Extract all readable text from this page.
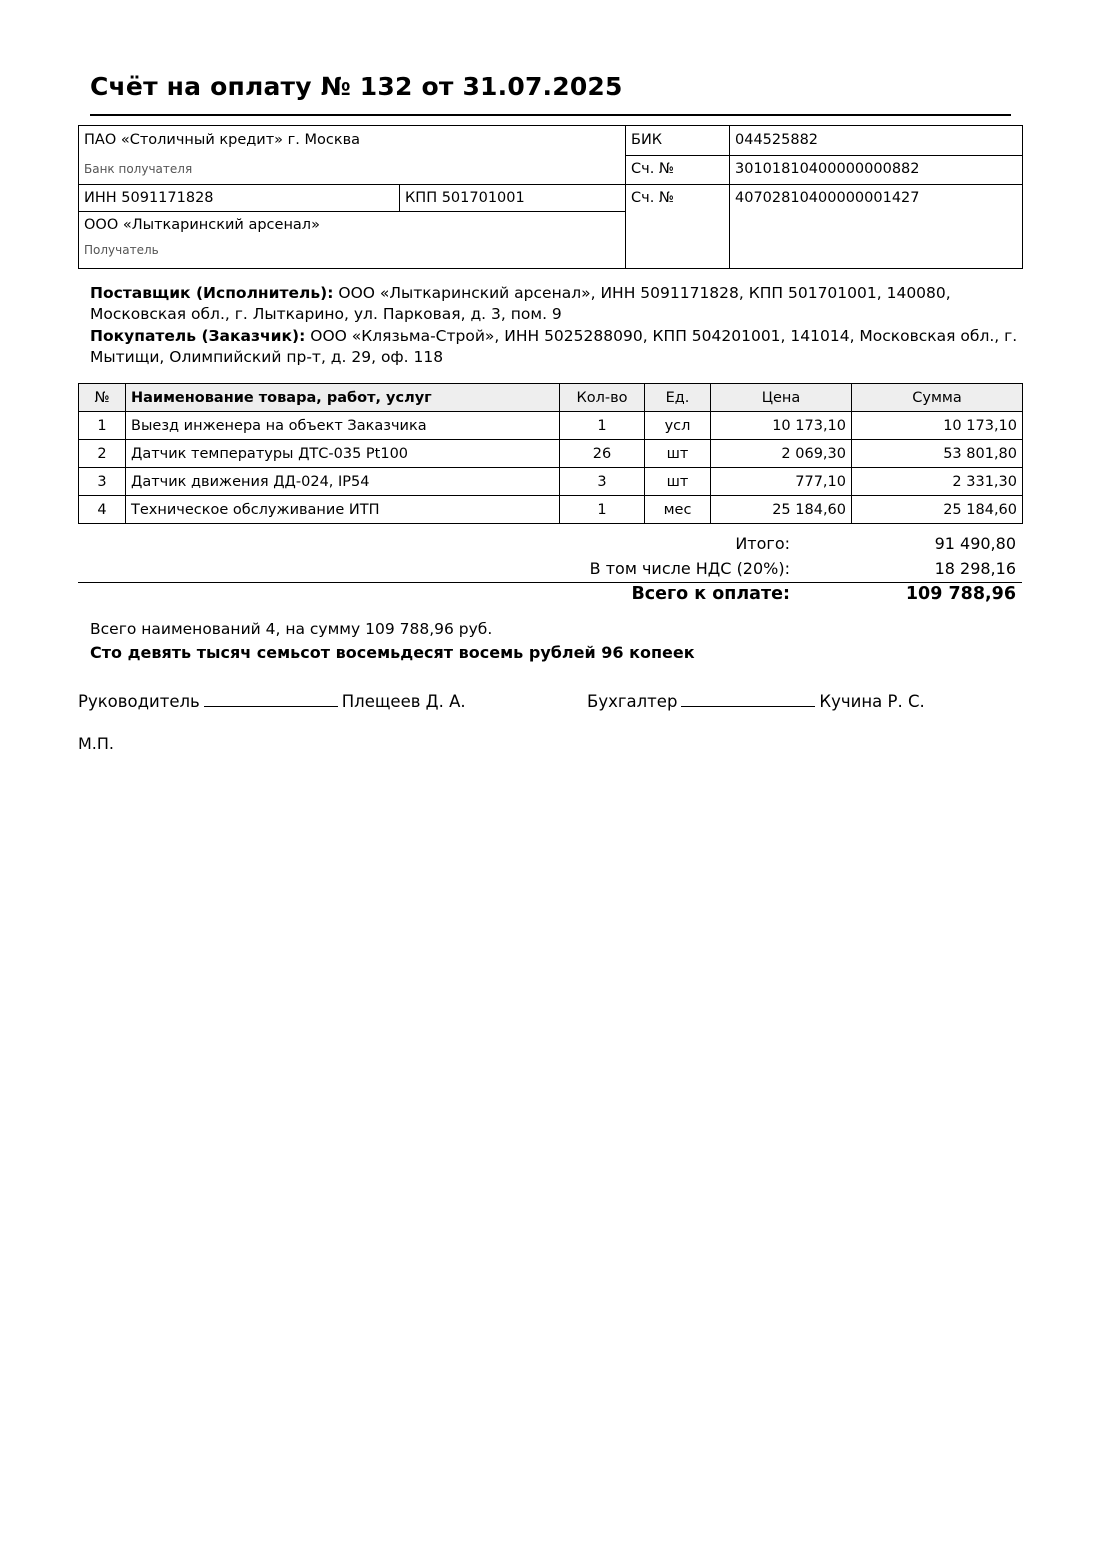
Счёт на оплату № 132 от 31.07.2025
ПАО «Столичный кредит» г. Москва		БИК	044525882
Банк получателя		Сч. №	30101810400000000882
ИНН 5091171828	КПП 501701001	Сч. №	40702810400000001427
ООО «Лыткаринский арсенал»			
Получатель			

Поставщик (Исполнитель): ООО «Лыткаринский арсенал», ИНН 5091171828, КПП 501701001, 140080, Московская обл., г. Лыткарино, ул. Парковая, д. 3, пом. 9

Покупатель (Заказчик): ООО «Клязьма-Строй», ИНН 5025288090, КПП 504201001, 141014, Московская обл., г. Мытищи, Олимпийский пр-т, д. 29, оф. 118

№	Наименование товара, работ, услуг	Кол-во	Ед.	Цена	Сумма
1	Выезд инженера на объект Заказчика	1	усл	10 173,10	10 173,10
2	Датчик температуры ДТС-035 Pt100	26	шт	2 069,30	53 801,80
3	Датчик движения ДД-024, IP54	3	шт	777,10	2 331,30
4	Техническое обслуживание ИТП	1	мес	25 184,60	25 184,60
Итого:	91 490,80
В том числе НДС (20%):	18 298,16
Всего к оплате:	109 788,96
Всего наименований 4, на сумму 109 788,96 руб.
Сто девять тысяч семьсот восемьдесят восемь рублей 96 копеек
Руководитель	Плещеев Д. А.	Бухгалтер	Кучина Р. С.
М.П.
